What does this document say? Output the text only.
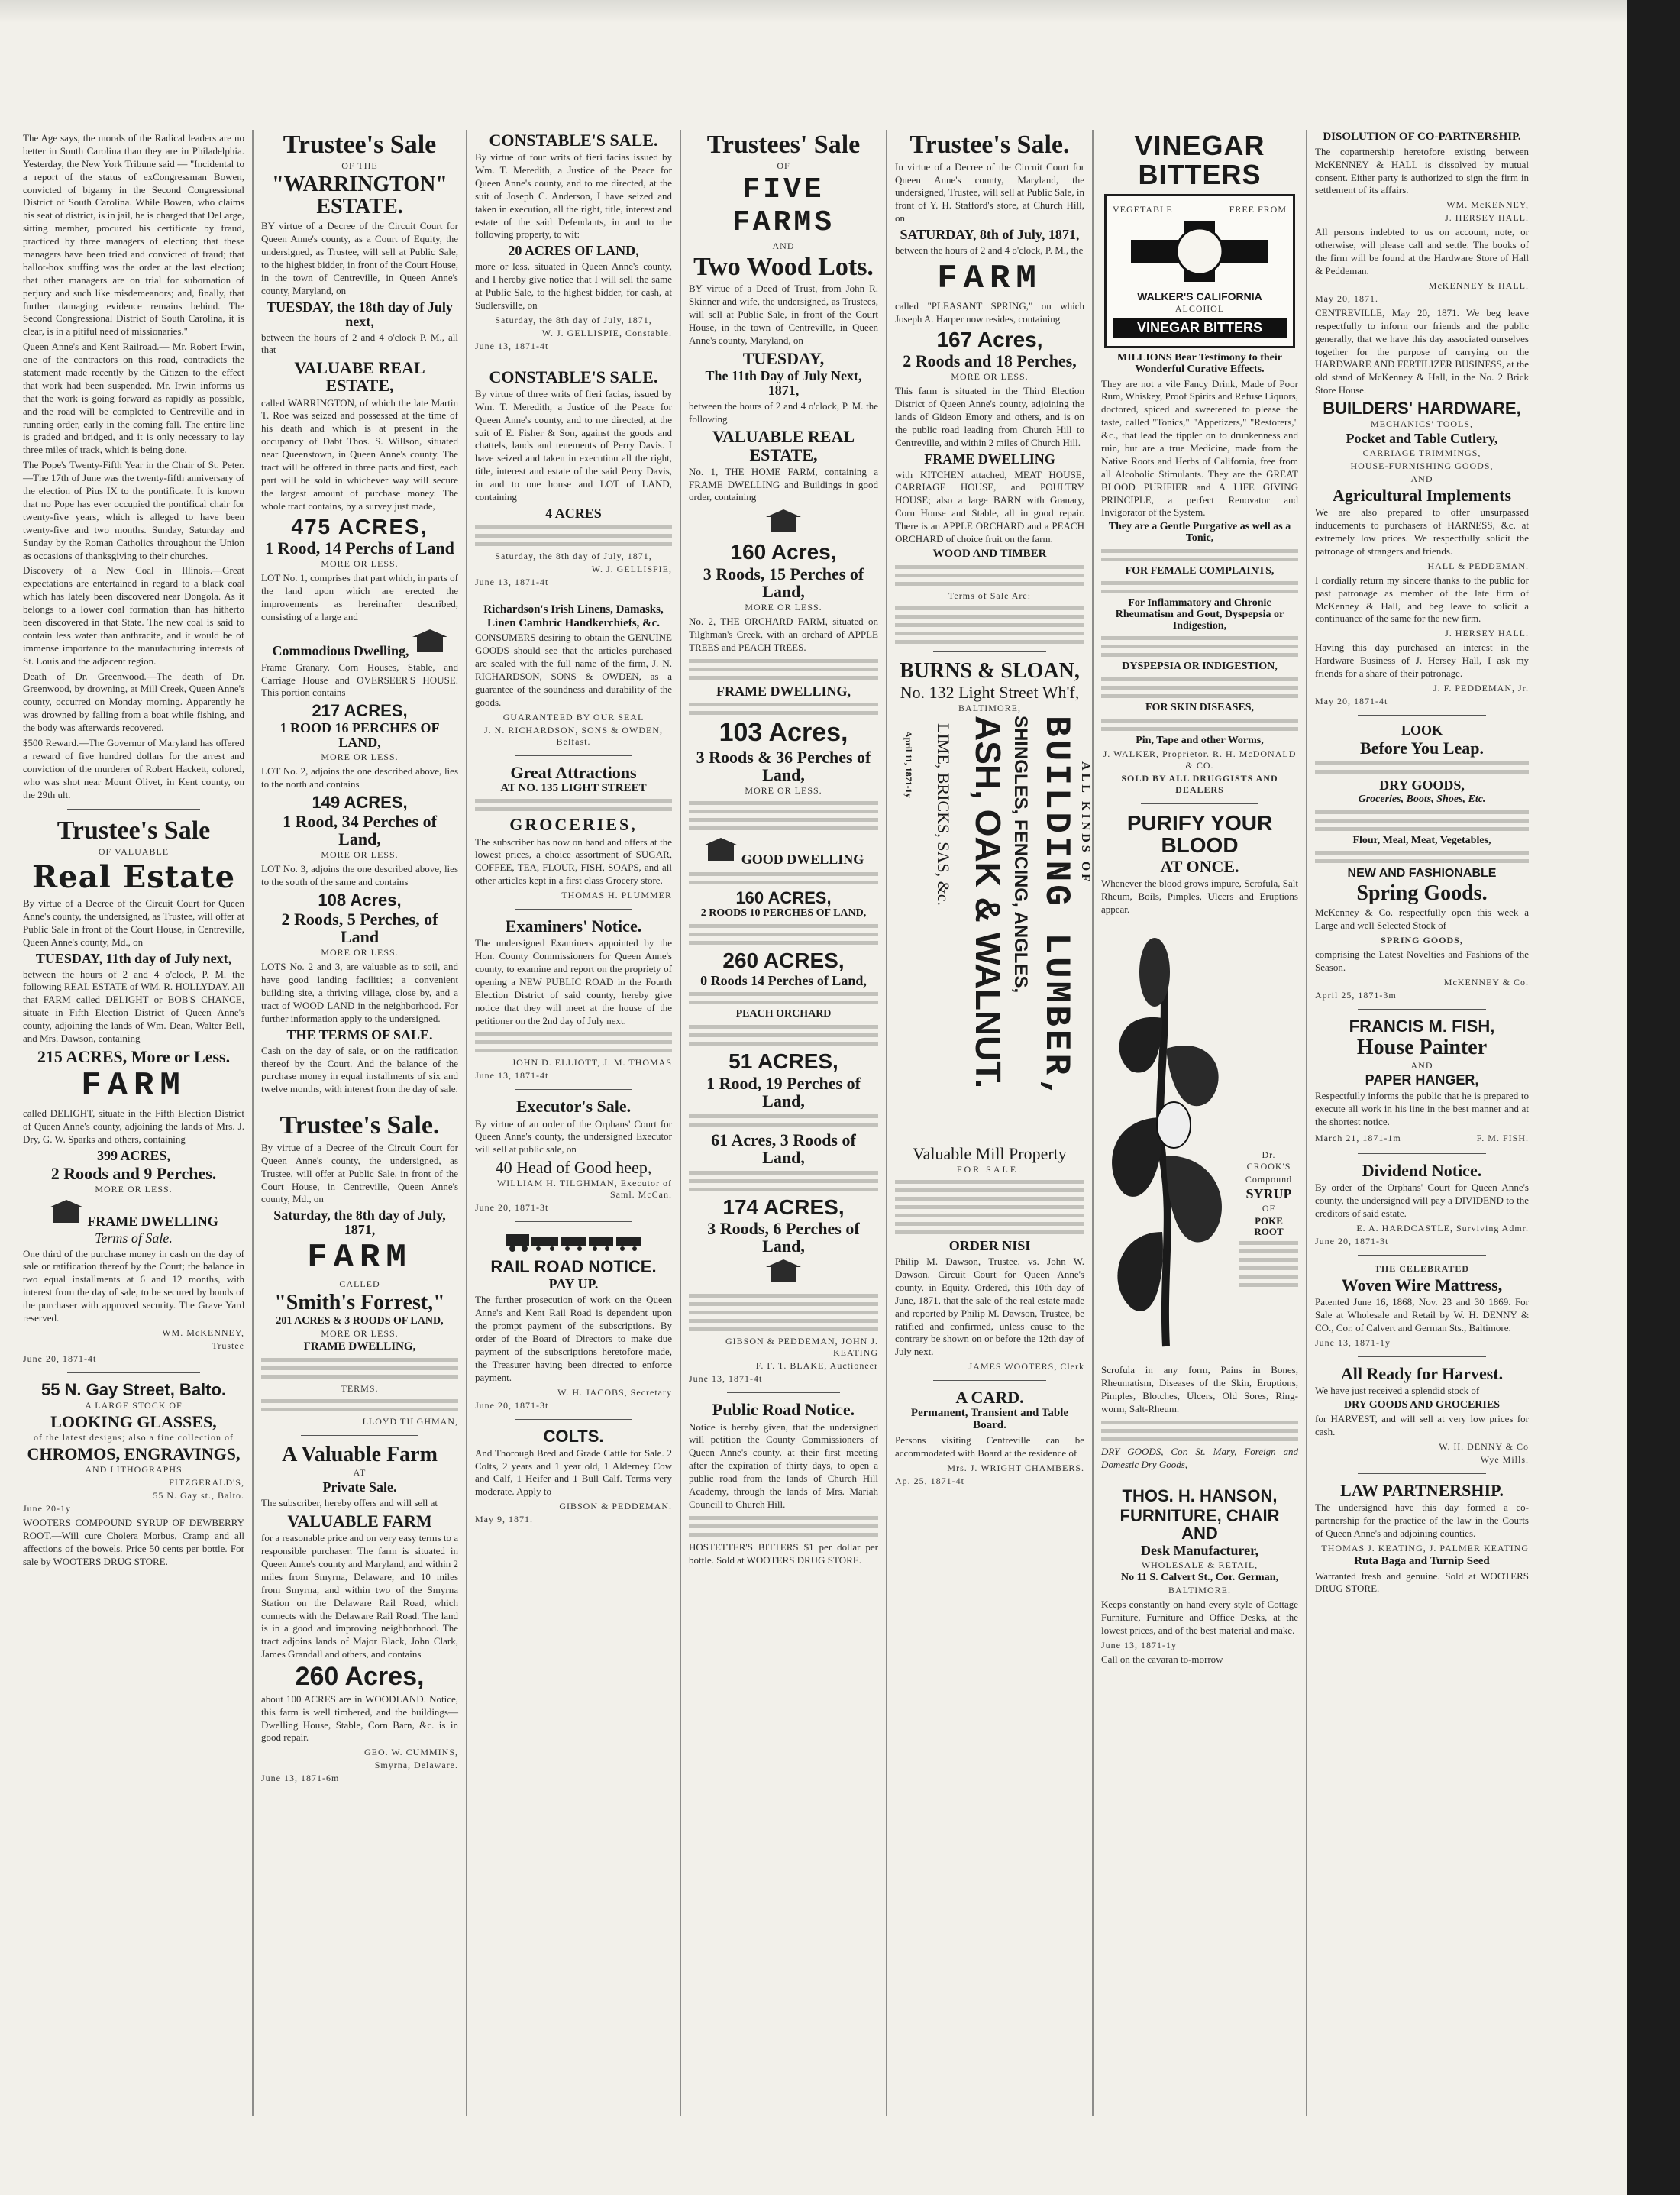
The Age says, the morals of the Radical leaders are no better in South Carolina than they are in Philadelphia. Yesterday, the New York Tribune said — "Incidental to a report of the status of exCongressman Bowen, convicted of bigamy in the Second Congressional District of South Carolina. While Bowen, who claims his seat of district, is in jail, he is charged that DeLarge, sitting member, procured his certificate by fraud, practiced by three managers of election; that these managers have been tried and convicted of fraud; that ballot-box stuffing was the order at the last election; that other managers are on trial for subornation of perjury and such like misdemeanors; and, finally, that further damaging evidence remains behind. The Second Congressional District of South Carolina, it is clear, is in a pitiful need of missionaries."

Queen Anne's and Kent Railroad.— Mr. Robert Irwin, one of the contractors on this road, contradicts the statement made recently by the Citizen to the effect that work had been suspended. Mr. Irwin informs us that the work is going forward as rapidly as possible, and the road will be completed to Centreville and in running order, early in the coming fall. The entire line is graded and bridged, and it is only necessary to lay three miles of track, which is being done.

The Pope's Twenty-Fifth Year in the Chair of St. Peter.—The 17th of June was the twenty-fifth anniversary of the election of Pius IX to the pontificate. It is known that no Pope has ever occupied the pontifical chair for twenty-five years, which is alleged to have been twenty-five and two months. Sunday, Saturday and Sunday by the Roman Catholics throughout the Union as occasions of thanksgiving to their churches.

Discovery of a New Coal in Illinois.—Great expectations are entertained in regard to a black coal which has lately been discovered near Dongola. As it belongs to a lower coal formation than has hitherto been discovered in that State. The new coal is said to contain less water than anthracite, and it would be of immense importance to the manufacturing interests of St. Louis and the adjacent region.

Death of Dr. Greenwood.—The death of Dr. Greenwood, by drowning, at Mill Creek, Queen Anne's county, occurred on Monday morning. Apparently he was drowned by falling from a boat while fishing, and the body was afterwards recovered.

$500 Reward.—The Governor of Maryland has offered a reward of five hundred dollars for the arrest and conviction of the murderer of Robert Hackett, colored, who was shot near Mount Olivet, in Kent county, on the 29th ult.

Trustee's Sale
OF VALUABLE
Real Estate

By virtue of a Decree of the Circuit Court for Queen Anne's county, the undersigned, as Trustee, will offer at Public Sale in front of the Court House, in Centreville, Queen Anne's county, Md., on

TUESDAY, 11th day of July next,

between the hours of 2 and 4 o'clock, P. M. the following REAL ESTATE of WM. R. HOLLYDAY. All that FARM called DELIGHT or BOB'S CHANCE, situate in Fifth Election District of Queen Anne's county, adjoining the lands of Wm. Dean, Walter Bell, and Mrs. Dawson, containing

215 ACRES, More or Less.
FARM

called DELIGHT, situate in the Fifth Election District of Queen Anne's county, adjoining the lands of Mrs. J. Dry, G. W. Sparks and others, containing

399 ACRES,
2 Roods and 9 Perches.
MORE OR LESS.
FRAME DWELLING
Terms of Sale.

One third of the purchase money in cash on the day of sale or ratification thereof by the Court; the balance in two equal installments at 6 and 12 months, with interest from the day of sale, to be secured by bonds of the purchaser with approved security. The Grave Yard reserved.

WM. McKENNEY,
Trustee
June 20, 1871-4t
55 N. Gay Street, Balto.
A LARGE STOCK OF
LOOKING GLASSES,
of the latest designs; also a fine collection of
CHROMOS, ENGRAVINGS,
AND LITHOGRAPHS
FITZGERALD'S,
55 N. Gay st., Balto.
June 20-1y

WOOTERS COMPOUND SYRUP OF DEWBERRY ROOT.—Will cure Cholera Morbus, Cramp and all affections of the bowels. Price 50 cents per bottle. For sale by WOOTERS DRUG STORE.

Trustee's Sale
OF THE
"WARRINGTON" ESTATE.

BY virtue of a Decree of the Circuit Court for Queen Anne's county, as a Court of Equity, the undersigned, as Trustee, will sell at Public Sale, to the highest bidder, in front of the Court House, in the town of Centreville, in Queen Anne's county, Maryland, on

TUESDAY, the 18th day of July next,

between the hours of 2 and 4 o'clock P. M., all that

VALUABE REAL ESTATE,

called WARRINGTON, of which the late Martin T. Roe was seized and possessed at the time of his death and which is at present in the occupancy of Dabt Thos. S. Willson, situated near Queenstown, in Queen Anne's county. The tract will be offered in three parts and first, each part will be sold in whichever way will secure the largest amount of purchase money. The whole tract contains, by a survey just made,

475 ACRES,
1 Rood, 14 Perchs of Land
MORE OR LESS.

LOT No. 1, comprises that part which, in parts of the land upon which are erected the improvements as hereinafter described, consisting of a large and

Commodious Dwelling,

Frame Granary, Corn Houses, Stable, and Carriage House and OVERSEER'S HOUSE. This portion contains

217 ACRES,
1 ROOD 16 PERCHES OF LAND,
MORE OR LESS.

LOT No. 2, adjoins the one described above, lies to the north and contains

149 ACRES,
1 Rood, 34 Perches of Land,
MORE OR LESS.

LOT No. 3, adjoins the one described above, lies to the south of the same and contains

108 Acres,
2 Roods, 5 Perches, of Land
MORE OR LESS.

LOTS No. 2 and 3, are valuable as to soil, and have good landing facilities; a convenient building site, a thriving village, close by, and a tract of WOOD LAND in the neighborhood. For further information apply to the undersigned.

THE TERMS OF SALE.

Cash on the day of sale, or on the ratification thereof by the Court. And the balance of the purchase money in equal installments of six and twelve months, with interest from the day of sale.

Trustee's Sale.

By virtue of a Decree of the Circuit Court for Queen Anne's county, the undersigned, as Trustee, will offer at Public Sale, in front of the Court House, in Centreville, Queen Anne's county, Md., on

Saturday, the 8th day of July, 1871,
FARM
CALLED
"Smith's Forrest,"
201 ACRES & 3 ROODS OF LAND,
MORE OR LESS.
FRAME DWELLING,
TERMS.
LLOYD TILGHMAN,
A Valuable Farm
AT
Private Sale.

The subscriber, hereby offers and will sell at

VALUABLE FARM

for a reasonable price and on very easy terms to a responsible purchaser. The farm is situated in Queen Anne's county and Maryland, and within 2 miles from Smyrna, Delaware, and 10 miles from Smyrna, and within two of the Smyrna Station on the Delaware Rail Road, which connects with the Delaware Rail Road. The land is in a good and improving neighborhood. The tract adjoins lands of Major Black, John Clark, James Grandall and others, and contains

260 Acres,

about 100 ACRES are in WOODLAND. Notice, this farm is well timbered, and the buildings—Dwelling House, Stable, Corn Barn, &c. is in good repair.

GEO. W. CUMMINS,
Smyrna, Delaware.
June 13, 1871-6m
CONSTABLE'S SALE.

By virtue of four writs of fieri facias issued by Wm. T. Meredith, a Justice of the Peace for Queen Anne's county, and to me directed, at the suit of Joseph C. Anderson, I have seized and taken in execution, all the right, title, interest and estate of the said Defendants, in and to the following property, to wit:

20 ACRES OF LAND,

more or less, situated in Queen Anne's county, and I hereby give notice that I will sell the same at Public Sale, to the highest bidder, for cash, at Sudlersville, on

Saturday, the 8th day of July, 1871,
W. J. GELLISPIE, Constable.
June 13, 1871-4t
CONSTABLE'S SALE.

By virtue of three writs of fieri facias, issued by Wm. T. Meredith, a Justice of the Peace for Queen Anne's county, and to me directed, at the suit of E. Fisher & Son, against the goods and chattels, lands and tenements of Perry Davis. I have seized and taken in execution all the right, title, interest and estate of the said Perry Davis, in and to one house and LOT of LAND, containing

4 ACRES
Saturday, the 8th day of July, 1871,
W. J. GELLISPIE,
June 13, 1871-4t
Richardson's Irish Linens, Damasks,
Linen Cambric Handkerchiefs, &c.

CONSUMERS desiring to obtain the GENUINE GOODS should see that the articles purchased are sealed with the full name of the firm, J. N. RICHARDSON, SONS & OWDEN, as a guarantee of the soundness and durability of the goods.

GUARANTEED BY OUR SEAL
J. N. RICHARDSON, SONS & OWDEN, Belfast.
Great Attractions
AT NO. 135 LIGHT STREET
GROCERIES,

The subscriber has now on hand and offers at the lowest prices, a choice assortment of SUGAR, COFFEE, TEA, FLOUR, FISH, SOAPS, and all other articles kept in a first class Grocery store.

THOMAS H. PLUMMER
Examiners' Notice.

The undersigned Examiners appointed by the Hon. County Commissioners for Queen Anne's county, to examine and report on the propriety of opening a NEW PUBLIC ROAD in the Fourth Election District of said county, hereby give notice that they will meet at the house of the petitioner on the 2nd day of July next.

JOHN D. ELLIOTT, J. M. THOMAS
June 13, 1871-4t
Executor's Sale.

By virtue of an order of the Orphans' Court for Queen Anne's county, the undersigned Executor will sell at public sale, on

40 Head of Good heep,
WILLIAM H. TILGHMAN, Executor of Saml. McCan.
June 20, 1871-3t
RAIL ROAD NOTICE.
PAY UP.

The further prosecution of work on the Queen Anne's and Kent Rail Road is dependent upon the prompt payment of the subscriptions. By order of the Board of Directors to make due payment of the subscriptions heretofore made, the Treasurer having been directed to enforce payment.

W. H. JACOBS, Secretary
June 20, 1871-3t
COLTS.

And Thorough Bred and Grade Cattle for Sale. 2 Colts, 2 years and 1 year old, 1 Alderney Cow and Calf, 1 Heifer and 1 Bull Calf. Terms very moderate. Apply to

GIBSON & PEDDEMAN.
May 9, 1871.
Trustees' Sale
OF
FIVE FARMS
AND
Two Wood Lots.

BY virtue of a Deed of Trust, from John R. Skinner and wife, the undersigned, as Trustees, will sell at Public Sale, in front of the Court House, in the town of Centreville, in Queen Anne's county, Maryland, on

TUESDAY,
The 11th Day of July Next, 1871,

between the hours of 2 and 4 o'clock, P. M. the following

VALUABLE REAL ESTATE,

No. 1, THE HOME FARM, containing a FRAME DWELLING and Buildings in good order, containing

160 Acres,
3 Roods, 15 Perches of Land,
MORE OR LESS.

No. 2, THE ORCHARD FARM, situated on Tilghman's Creek, with an orchard of APPLE TREES and PEACH TREES.

FRAME DWELLING,
103 Acres,
3 Roods & 36 Perches of Land,
MORE OR LESS.
GOOD DWELLING
160 ACRES,
2 ROODS 10 PERCHES OF LAND,
260 ACRES,
0 Roods 14 Perches of Land,
PEACH ORCHARD
51 ACRES,
1 Rood, 19 Perches of Land,
61 Acres, 3 Roods of Land,
174 ACRES,
3 Roods, 6 Perches of Land,
GIBSON & PEDDEMAN, JOHN J. KEATING
F. F. T. BLAKE, Auctioneer
June 13, 1871-4t
Public Road Notice.

Notice is hereby given, that the undersigned will petition the County Commissioners of Queen Anne's county, at their first meeting after the expiration of thirty days, to open a public road from the lands of Church Hill Academy, through the lands of Mrs. Mariah Councill to Church Hill.

HOSTETTER'S BITTERS $1 per dollar per bottle. Sold at WOOTERS DRUG STORE.

Trustee's Sale.

In virtue of a Decree of the Circuit Court for Queen Anne's county, Maryland, the undersigned, Trustee, will sell at Public Sale, in front of Y. H. Stafford's store, at Church Hill, on

SATURDAY, 8th of July, 1871,

between the hours of 2 and 4 o'clock, P. M., the

FARM

called "PLEASANT SPRING," on which Joseph A. Harper now resides, containing

167 Acres,
2 Roods and 18 Perches,
MORE OR LESS.

This farm is situated in the Third Election District of Queen Anne's county, adjoining the lands of Gideon Emory and others, and is on the public road leading from Church Hill to Centreville, and within 2 miles of Church Hill.

FRAME DWELLING

with KITCHEN attached, MEAT HOUSE, CARRIAGE HOUSE, and POULTRY HOUSE; also a large BARN with Granary, Corn House and Stable, all in good repair. There is an APPLE ORCHARD and a PEACH ORCHARD of choice fruit on the farm.

WOOD AND TIMBER
Terms of Sale Are:
BURNS & SLOAN,
No. 132 Light Street Wh'f,
BALTIMORE,
April 11, 1871-1y LIME, BRICKS, SAS, &c. ASH, OAK & WALNUT. SHINGLES, FENCING, ANGLES, BUILDING LUMBER, ALL KINDS OF
Valuable Mill Property
FOR SALE.
ORDER NISI

Philip M. Dawson, Trustee, vs. John W. Dawson. Circuit Court for Queen Anne's county, in Equity. Ordered, this 10th day of June, 1871, that the sale of the real estate made and reported by Philip M. Dawson, Trustee, be ratified and confirmed, unless cause to the contrary be shown on or before the 12th day of July next.

JAMES WOOTERS, Clerk
A CARD.
Permanent, Transient and Table Board.

Persons visiting Centreville can be accommodated with Board at the residence of

Mrs. J. WRIGHT CHAMBERS.
Ap. 25, 1871-4t
VINEGAR BITTERS
VEGETABLE	FREE FROM
WALKER'S CALIFORNIA
ALCOHOL
VINEGAR BITTERS
MILLIONS Bear Testimony to their Wonderful Curative Effects.

They are not a vile Fancy Drink, Made of Poor Rum, Whiskey, Proof Spirits and Refuse Liquors, doctored, spiced and sweetened to please the taste, called "Tonics," "Appetizers," "Restorers," &c., that lead the tippler on to drunkenness and ruin, but are a true Medicine, made from the Native Roots and Herbs of California, free from all Alcoholic Stimulants. They are the GREAT BLOOD PURIFIER and A LIFE GIVING PRINCIPLE, a perfect Renovator and Invigorator of the System.

They are a Gentle Purgative as well as a Tonic,
FOR FEMALE COMPLAINTS,
For Inflammatory and Chronic Rheumatism and Gout, Dyspepsia or Indigestion,
DYSPEPSIA OR INDIGESTION,
FOR SKIN DISEASES,
Pin, Tape and other Worms,
J. WALKER, Proprietor. R. H. McDONALD & CO.
SOLD BY ALL DRUGGISTS AND DEALERS
PURIFY YOUR BLOOD
AT ONCE.

Whenever the blood grows impure, Scrofula, Salt Rheum, Boils, Pimples, Ulcers and Eruptions appear.

Dr. CROOK'S
Compound
SYRUP
OF
POKE ROOT

Scrofula in any form, Pains in Bones, Rheumatism, Diseases of the Skin, Eruptions, Pimples, Blotches, Ulcers, Old Sores, Ring-worm, Salt-Rheum.

DRY GOODS, Cor. St. Mary, Foreign and Domestic Dry Goods,

THOS. H. HANSON,
FURNITURE, CHAIR AND
Desk Manufacturer,
WHOLESALE & RETAIL,
No 11 S. Calvert St., Cor. German,
BALTIMORE.

Keeps constantly on hand every style of Cottage Furniture, Furniture and Office Desks, at the lowest prices, and of the best material and make.

June 13, 1871-1y

Call on the cavaran to-morrow

DISOLUTION OF CO-PARTNERSHIP.

The copartnership heretofore existing between McKENNEY & HALL is dissolved by mutual consent. Either party is authorized to sign the firm in settlement of its affairs.

WM. McKENNEY,
J. HERSEY HALL.

All persons indebted to us on account, note, or otherwise, will please call and settle. The books of the firm will be found at the Hardware Store of Hall & Peddeman.

McKENNEY & HALL.
May 20, 1871.

CENTREVILLE, May 20, 1871. We beg leave respectfully to inform our friends and the public generally, that we have this day associated ourselves together for the purpose of carrying on the HARDWARE AND FERTILIZER BUSINESS, at the old stand of McKenney & Hall, in the No. 2 Brick Store House.

BUILDERS' HARDWARE,
MECHANICS' TOOLS,
Pocket and Table Cutlery,
CARRIAGE TRIMMINGS,
HOUSE-FURNISHING GOODS,
AND
Agricultural Implements

We are also prepared to offer unsurpassed inducements to purchasers of HARNESS, &c. at extremely low prices. We respectfully solicit the patronage of strangers and friends.

HALL & PEDDEMAN.

I cordially return my sincere thanks to the public for past patronage as member of the late firm of McKenney & Hall, and beg leave to solicit a continuance of the same for the new firm.

J. HERSEY HALL.

Having this day purchased an interest in the Hardware Business of J. Hersey Hall, I ask my friends for a share of their patronage.

J. F. PEDDEMAN, Jr.
May 20, 1871-4t
LOOK
Before You Leap.
DRY GOODS,
Groceries, Boots, Shoes, Etc.
Flour, Meal, Meat, Vegetables,
NEW AND FASHIONABLE
Spring Goods.

McKenney & Co. respectfully open this week a Large and well Selected Stock of

SPRING GOODS,

comprising the Latest Novelties and Fashions of the Season.

McKENNEY & Co.
April 25, 1871-3m
FRANCIS M. FISH,
House Painter
AND
PAPER HANGER,

Respectfully informs the public that he is prepared to execute all work in his line in the best manner and at the shortest notice.

March 21, 1871-1m	F. M. FISH.
Dividend Notice.

By order of the Orphans' Court for Queen Anne's county, the undersigned will pay a DIVIDEND to the creditors of said estate.

E. A. HARDCASTLE, Surviving Admr.
June 20, 1871-3t
THE CELEBRATED
Woven Wire Mattress,

Patented June 16, 1868, Nov. 23 and 30 1869. For Sale at Wholesale and Retail by W. H. DENNY & CO., Cor. of Calvert and German Sts., Baltimore.

June 13, 1871-1y
All Ready for Harvest.

We have just received a splendid stock of

DRY GOODS AND GROCERIES

for HARVEST, and will sell at very low prices for cash.

W. H. DENNY & Co
Wye Mills.
LAW PARTNERSHIP.

The undersigned have this day formed a co-partnership for the practice of the law in the Courts of Queen Anne's and adjoining counties.

THOMAS J. KEATING, J. PALMER KEATING
Ruta Baga and Turnip Seed

Warranted fresh and genuine. Sold at WOOTERS DRUG STORE.
